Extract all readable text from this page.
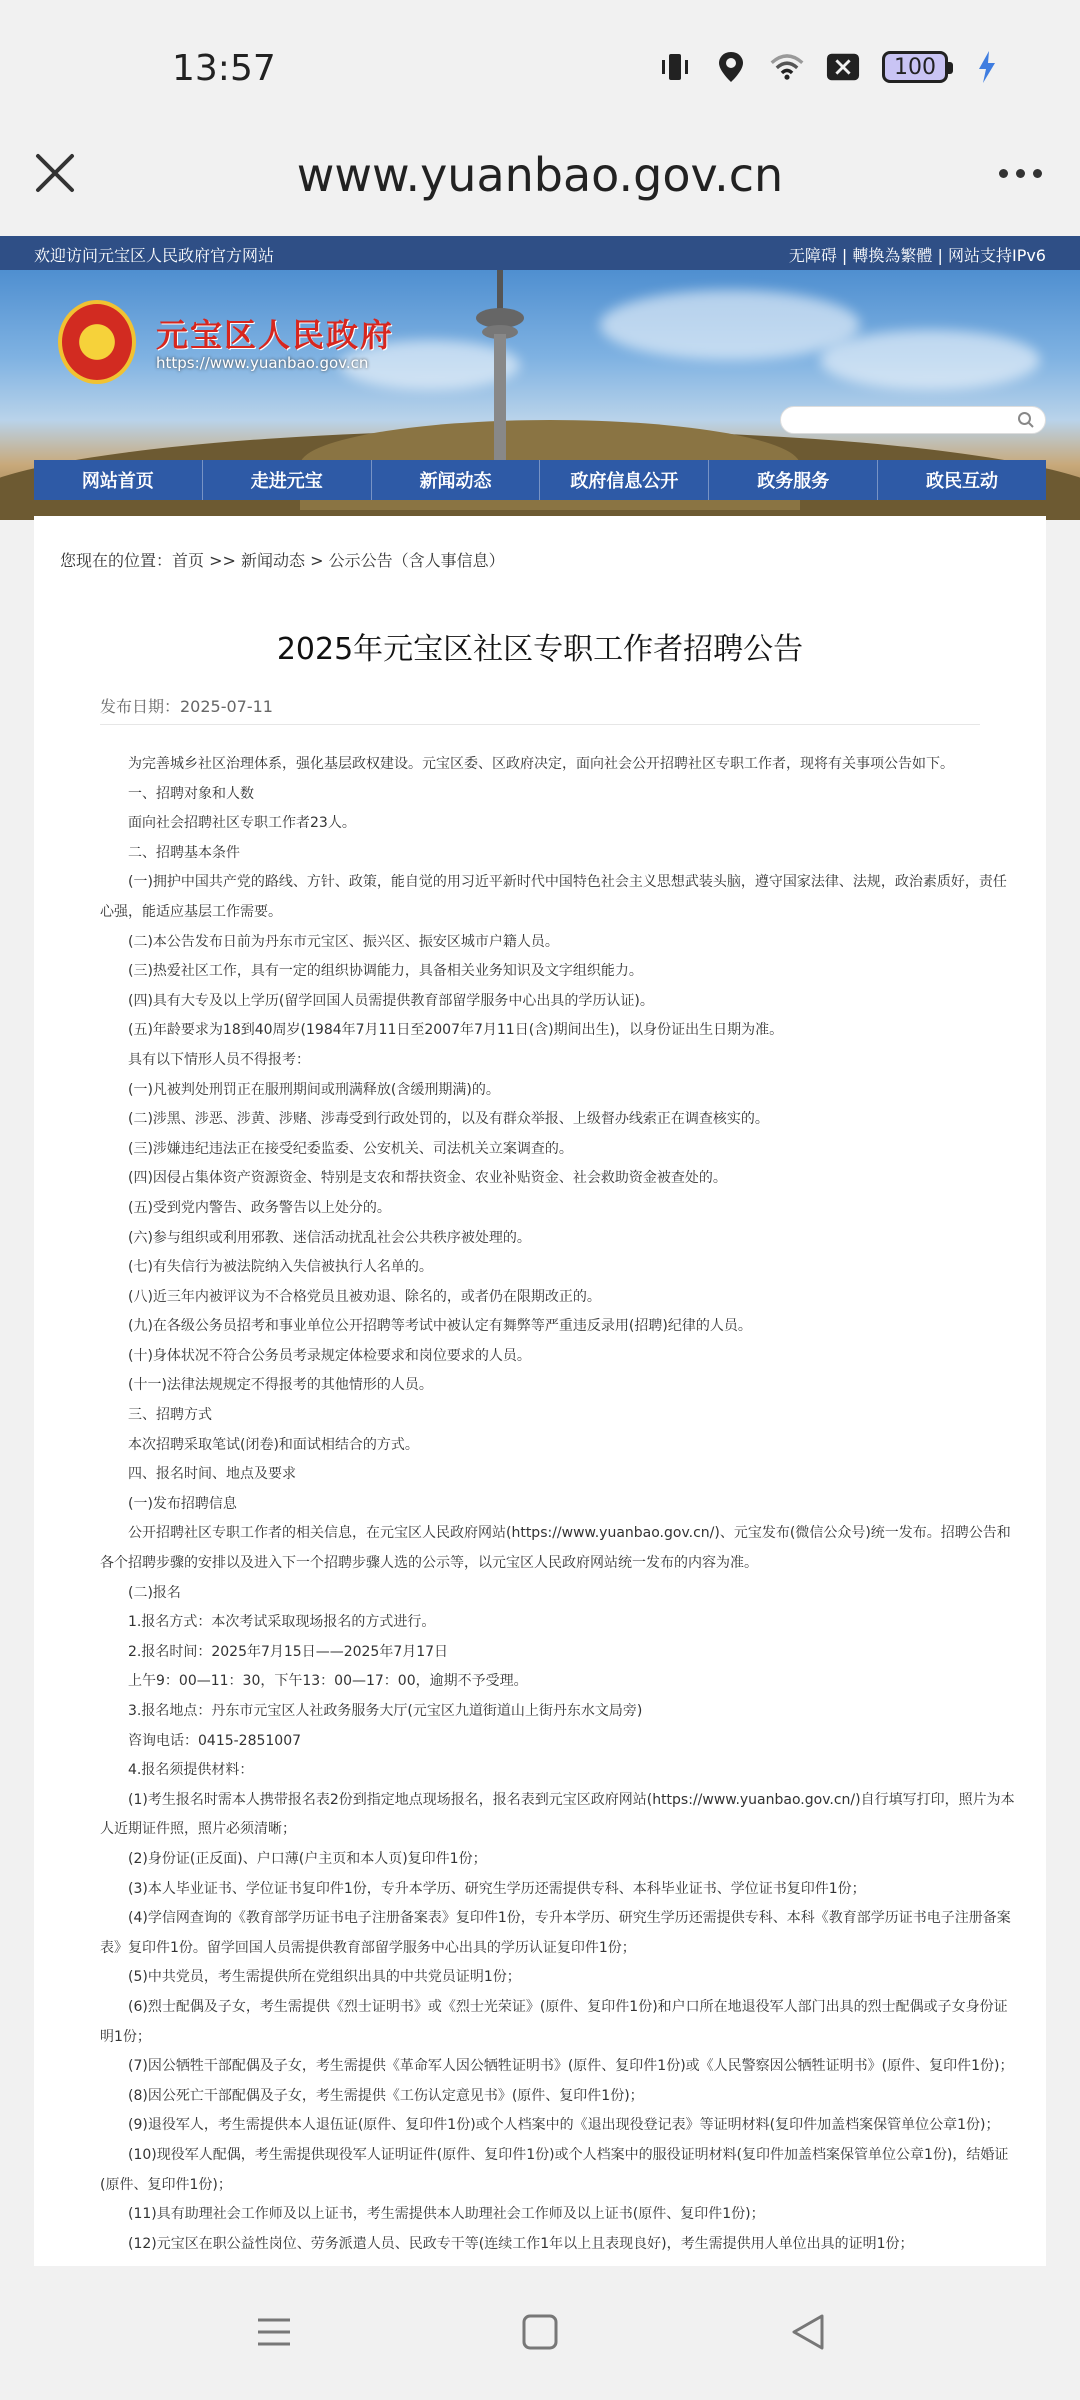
13:57	100
www.yuanbao.gov.cn
欢迎访问元宝区人民政府官方网站	无障碍 | 轉換為繁體 | 网站支持IPv6
元宝区人民政府
https://www.yuanbao.gov.cn
网站首页	走进元宝	新闻动态	政府信息公开	政务服务	政民互动
您现在的位置：首页 >> 新闻动态 > 公示公告（含人事信息）
2025年元宝区社区专职工作者招聘公告
发布日期：2025-07-11

为完善城乡社区治理体系，强化基层政权建设。元宝区委、区政府决定，面向社会公开招聘社区专职工作者，现将有关事项公告如下。

一、招聘对象和人数

面向社会招聘社区专职工作者23人。

二、招聘基本条件

(一)拥护中国共产党的路线、方针、政策，能自觉的用习近平新时代中国特色社会主义思想武装头脑，遵守国家法律、法规，政治素质好，责任心强，能适应基层工作需要。

(二)本公告发布日前为丹东市元宝区、振兴区、振安区城市户籍人员。

(三)热爱社区工作，具有一定的组织协调能力，具备相关业务知识及文字组织能力。

(四)具有大专及以上学历(留学回国人员需提供教育部留学服务中心出具的学历认证)。

(五)年龄要求为18到40周岁(1984年7月11日至2007年7月11日(含)期间出生)，以身份证出生日期为准。

具有以下情形人员不得报考：

(一)凡被判处刑罚正在服刑期间或刑满释放(含缓刑期满)的。

(二)涉黑、涉恶、涉黄、涉赌、涉毒受到行政处罚的，以及有群众举报、上级督办线索正在调查核实的。

(三)涉嫌违纪违法正在接受纪委监委、公安机关、司法机关立案调查的。

(四)因侵占集体资产资源资金、特别是支农和帮扶资金、农业补贴资金、社会救助资金被查处的。

(五)受到党内警告、政务警告以上处分的。

(六)参与组织或利用邪教、迷信活动扰乱社会公共秩序被处理的。

(七)有失信行为被法院纳入失信被执行人名单的。

(八)近三年内被评议为不合格党员且被劝退、除名的，或者仍在限期改正的。

(九)在各级公务员招考和事业单位公开招聘等考试中被认定有舞弊等严重违反录用(招聘)纪律的人员。

(十)身体状况不符合公务员考录规定体检要求和岗位要求的人员。

(十一)法律法规规定不得报考的其他情形的人员。

三、招聘方式

本次招聘采取笔试(闭卷)和面试相结合的方式。

四、报名时间、地点及要求

(一)发布招聘信息

公开招聘社区专职工作者的相关信息，在元宝区人民政府网站(https://www.yuanbao.gov.cn/)、元宝发布(微信公众号)统一发布。招聘公告和各个招聘步骤的安排以及进入下一个招聘步骤人选的公示等，以元宝区人民政府网站统一发布的内容为准。

(二)报名

1.报名方式：本次考试采取现场报名的方式进行。

2.报名时间：2025年7月15日——2025年7月17日

上午9：00—11：30，下午13：00—17：00，逾期不予受理。

3.报名地点：丹东市元宝区人社政务服务大厅(元宝区九道街道山上街丹东水文局旁)

咨询电话：0415-2851007

4.报名须提供材料：

(1)考生报名时需本人携带报名表2份到指定地点现场报名，报名表到元宝区政府网站(https://www.yuanbao.gov.cn/)自行填写打印，照片为本人近期证件照，照片必须清晰；

(2)身份证(正反面)、户口薄(户主页和本人页)复印件1份；

(3)本人毕业证书、学位证书复印件1份，专升本学历、研究生学历还需提供专科、本科毕业证书、学位证书复印件1份；

(4)学信网查询的《教育部学历证书电子注册备案表》复印件1份，专升本学历、研究生学历还需提供专科、本科《教育部学历证书电子注册备案表》复印件1份。留学回国人员需提供教育部留学服务中心出具的学历认证复印件1份；

(5)中共党员，考生需提供所在党组织出具的中共党员证明1份；

(6)烈士配偶及子女，考生需提供《烈士证明书》或《烈士光荣证》(原件、复印件1份)和户口所在地退役军人部门出具的烈士配偶或子女身份证明1份；

(7)因公牺牲干部配偶及子女，考生需提供《革命军人因公牺牲证明书》(原件、复印件1份)或《人民警察因公牺牲证明书》(原件、复印件1份)；

(8)因公死亡干部配偶及子女，考生需提供《工伤认定意见书》(原件、复印件1份)；

(9)退役军人，考生需提供本人退伍证(原件、复印件1份)或个人档案中的《退出现役登记表》等证明材料(复印件加盖档案保管单位公章1份)；

(10)现役军人配偶，考生需提供现役军人证明证件(原件、复印件1份)或个人档案中的服役证明材料(复印件加盖档案保管单位公章1份)，结婚证(原件、复印件1份)；

(11)具有助理社会工作师及以上证书，考生需提供本人助理社会工作师及以上证书(原件、复印件1份)；

(12)元宝区在职公益性岗位、劳务派遣人员、民政专干等(连续工作1年以上且表现良好)，考生需提供用人单位出具的证明1份；
